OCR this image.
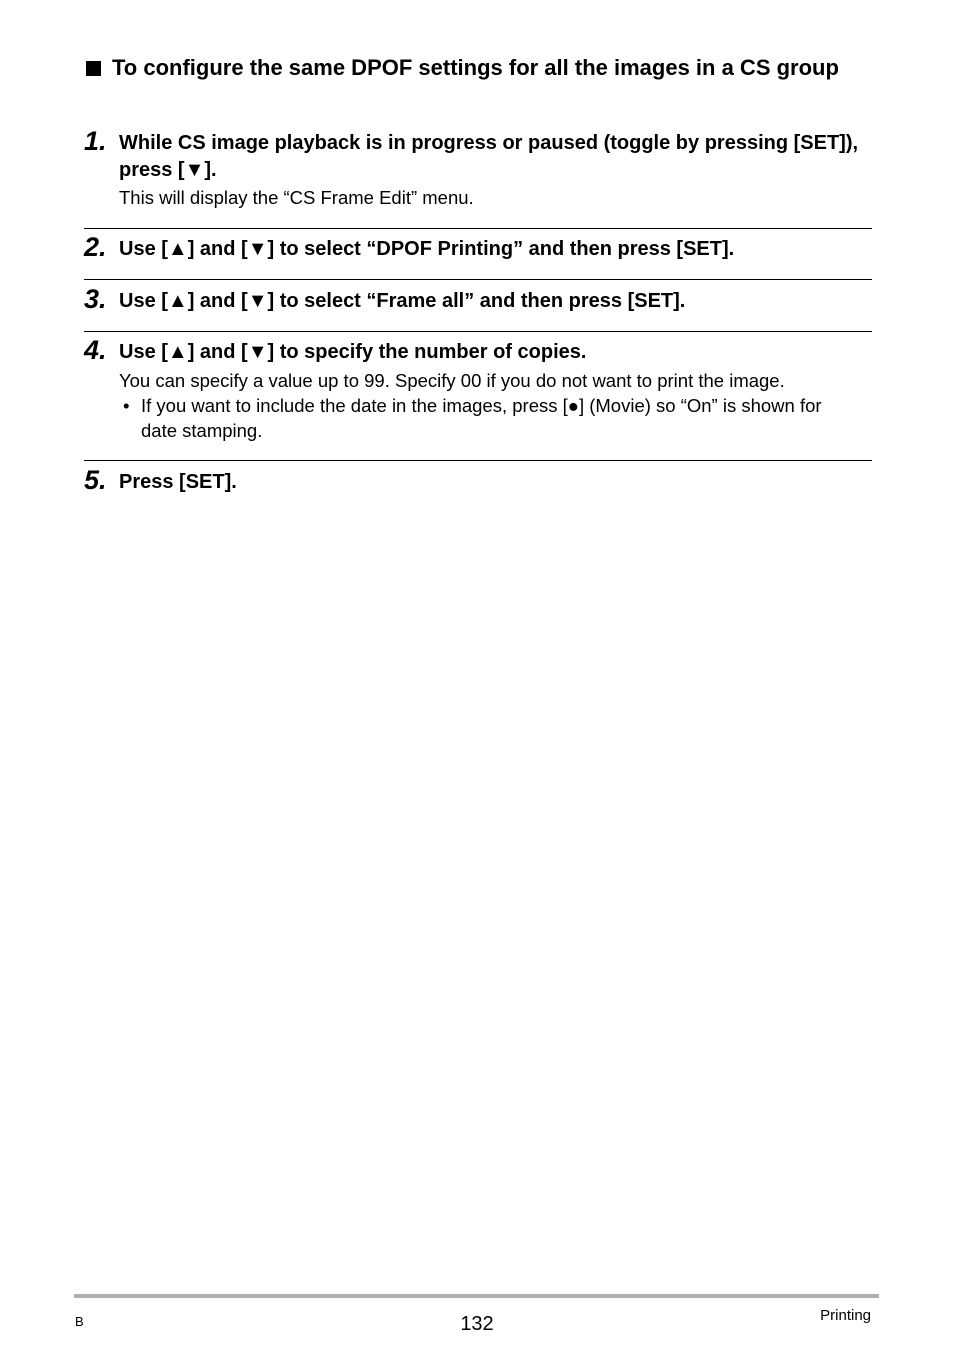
To configure the same DPOF settings for all the images in a CS group
1. While CS image playback is in progress or paused (toggle by pressing [SET]), press [▼].
This will display the “CS Frame Edit” menu.
2. Use [▲] and [▼] to select “DPOF Printing” and then press [SET].
3. Use [▲] and [▼] to select “Frame all” and then press [SET].
4. Use [▲] and [▼] to specify the number of copies.
You can specify a value up to 99. Specify 00 if you do not want to print the image.
• If you want to include the date in the images, press [●] (Movie) so “On” is shown for date stamping.
5. Press [SET].
B	132	Printing
